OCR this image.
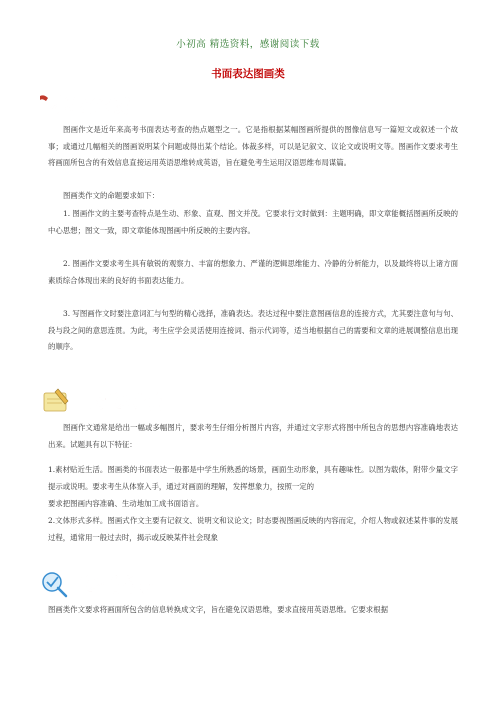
小初高 精选资料，感谢阅读下载
书面表达图画类
考纲解读
图画作文是近年来高考书面表达考查的热点题型之一。它是指根据某幅图画所提供的图像信息写一篇短文或叙述一个故事；或通过几幅相关的图画说明某个问题或得出某个结论。体裁多样，可以是记叙文、议论文或说明文等。图画作文要求考生将画面所包含的有效信息直接运用英语思维转成英语，旨在避免考生运用汉语思维布局谋篇。
图画类作文的命题要求如下：
1. 图画作文的主要考查特点是生动、形象、直观、图文并茂。它要求行文时做到：主题明确，即文章能概括图画所反映的中心思想；图文一致，即文章能体现图画中所反映的主要内容。
2. 图画作文要求考生具有敏锐的观察力、丰富的想象力、严谨的逻辑思维能力、冷静的分析能力，以及最终将以上诸方面素质综合体现出来的良好的书面表达能力。
3. 写图画作文时要注意词汇与句型的精心选择，准确表达。表达过程中要注意图画信息的连接方式，尤其要注意句与句、段与段之间的意思连贯。为此，考生应学会灵活使用连接词、指示代词等，适当地根据自己的需要和文章的进展调整信息出现的顺序。
命题特点
图画作文通常是给出一幅或多幅图片，要求考生仔细分析图片内容，并通过文字形式将图中所包含的思想内容准确地表达出来。试题具有以下特征：
1.素材贴近生活。图画类的书面表达一般都是中学生所熟悉的场景，画面生动形象，具有趣味性。以图为载体，附带少量文字提示或说明。要求考生从体察入手，通过对画面的理解，发挥想象力，按照一定的
要求把图画内容准确、生动地加工成书面语言。
2.文体形式多样。图画式作文主要有记叙文、说明文和议论文；时态要视图画反映的内容而定，介绍人物或叙述某件事的发展过程，通常用一般过去时，揭示或反映某件社会现象
题型指导
图画类作文要求将画面所包含的信息转换成文字，旨在避免汉语思维，要求直接用英语思维。它要求根据
